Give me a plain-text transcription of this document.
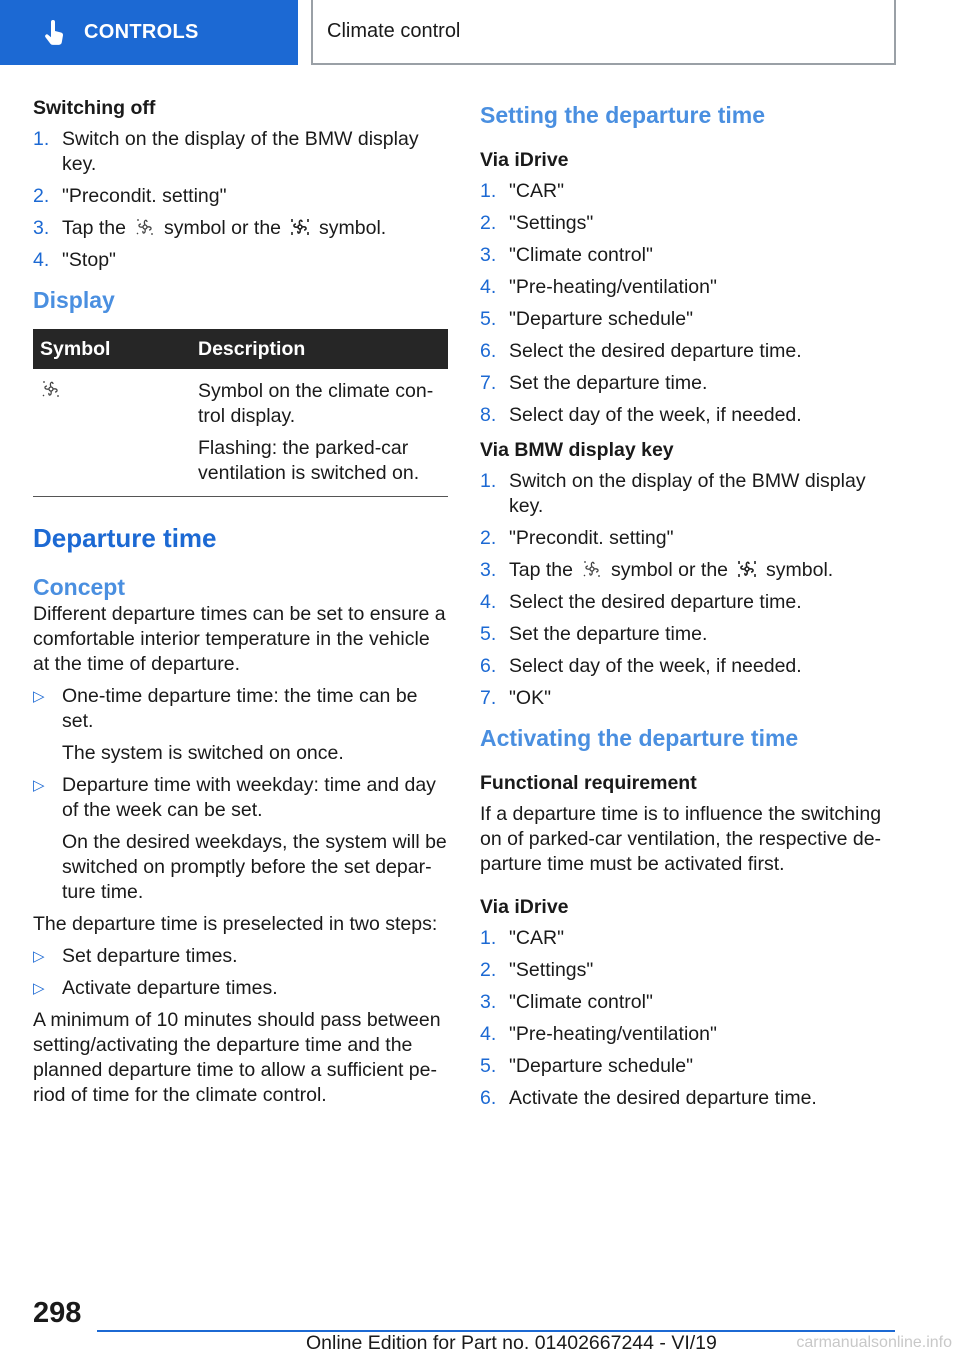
CONTROLS	Climate control
Switching off
1. Switch on the display of the BMW display key.
2. "Precondit. setting"
3. Tap the symbol or the symbol.
4. "Stop"
Display
Symbol	Description

Symbol on the climate con-trol display.

Flashing: the parked-car ventilation is switched on.

Departure time
Concept

Different departure times can be set to ensure a comfortable interior temperature in the vehicle at the time of departure.

▷ One-time departure time: the time can be set.
The system is switched on once.
▷ Departure time with weekday: time and day of the week can be set.
On the desired weekdays, the system will be switched on promptly before the set depar-ture time.

The departure time is preselected in two steps:

▷ Set departure times.
▷ Activate departure times.

A minimum of 10 minutes should pass between setting/activating the departure time and the planned departure time to allow a sufficient pe-riod of time for the climate control.

Setting the departure time
Via iDrive
1. "CAR"
2. "Settings"
3. "Climate control"
4. "Pre-heating/ventilation"
5. "Departure schedule"
6. Select the desired departure time.
7. Set the departure time.
8. Select day of the week, if needed.
Via BMW display key
1. Switch on the display of the BMW display key.
2. "Precondit. setting"
3. Tap the symbol or the symbol.
4. Select the desired departure time.
5. Set the departure time.
6. Select day of the week, if needed.
7. "OK"
Activating the departure time
Functional requirement

If a departure time is to influence the switching on of parked-car ventilation, the respective de-parture time must be activated first.

Via iDrive
1. "CAR"
2. "Settings"
3. "Climate control"
4. "Pre-heating/ventilation"
5. "Departure schedule"
6. Activate the desired departure time.
298
Online Edition for Part no. 01402667244 - VI/19	carmanualsonline.info
